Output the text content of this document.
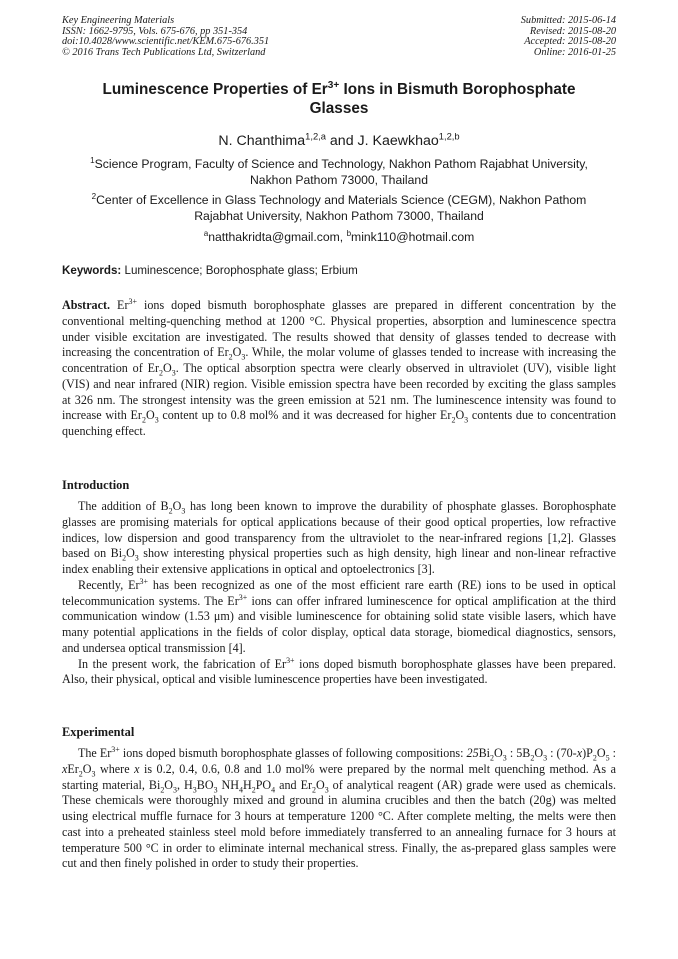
Key Engineering Materials
ISSN: 1662-9795, Vols. 675-676, pp 351-354
doi:10.4028/www.scientific.net/KEM.675-676.351
© 2016 Trans Tech Publications Ltd, Switzerland
Submitted: 2015-06-14
Revised: 2015-08-20
Accepted: 2015-08-20
Online: 2016-01-25
Luminescence Properties of $Er^{3+}$ Ions in Bismuth Borophosphate
Glasses
N. Chanthima$^{1,2,a}$ and J. Kaewkhao$^{1,2,b}$
$^1$Science Program, Faculty of Science and Technology, Nakhon Pathom Rajabhat University,
Nakhon Pathom 73000, Thailand
$^2$Center of Excellence in Glass Technology and Materials Science (CEGM), Nakhon Pathom
Rajabhat University, Nakhon Pathom 73000, Thailand
$^a$natthakridta@gmail.com, $^b$mink110@hotmail.com
Keywords: Luminescence; Borophosphate glass; Erbium

Abstract. $Er^{3+}$ ions doped bismuth borophosphate glasses are prepared in different concentration by the conventional melting-quenching method at 1200 °C. Physical properties, absorption and luminescence spectra under visible excitation are investigated. The results showed that density of glasses tended to decrease with increasing the concentration of $Er_2O_3$. While, the molar volume of glasses tended to increase with increasing the concentration of $Er_2O_3$. The optical absorption spectra were clearly observed in ultraviolet (UV), visible light (VIS) and near infrared (NIR) region. Visible emission spectra have been recorded by exciting the glass samples at 326 nm. The strongest intensity was the green emission at 521 nm. The luminescence intensity was found to increase with $Er_2O_3$ content up to 0.8 mol% and it was decreased for higher $Er_2O_3$ contents due to concentration quenching effect.

Introduction

The addition of $B_2O_3$ has long been known to improve the durability of phosphate glasses. Borophosphate glasses are promising materials for optical applications because of their good optical properties, low refractive indices, low dispersion and good transparency from the ultraviolet to the near-infrared regions [1,2]. Glasses based on $Bi_2O_3$ show interesting physical properties such as high density, high linear and non-linear refractive index enabling their extensive applications in optical and optoelectronics [3].

Recently, $Er^{3+}$ has been recognized as one of the most efficient rare earth (RE) ions to be used in optical telecommunication systems. The $Er^{3+}$ ions can offer infrared luminescence for optical amplification at the third communication window (1.53 μm) and visible luminescence for obtaining solid state visible lasers, which have many potential applications in the fields of color display, optical data storage, biomedical diagnostics, sensors, and undersea optical transmission [4].

In the present work, the fabrication of $Er^{3+}$ ions doped bismuth borophosphate glasses have been prepared. Also, their physical, optical and visible luminescence properties have been investigated.

Experimental

The $Er^{3+}$ ions doped bismuth borophosphate glasses of following compositions: $25Bi_2O_3$ : $5B_2O_3$ : $(70-x)P_2O_5$ : $xEr_2O_3$ where x is 0.2, 0.4, 0.6, 0.8 and 1.0 mol% were prepared by the normal melt quenching method. As a starting material, $Bi_2O_3$, $H_3BO_3$ $NH_4H_2PO_4$ and $Er_2O_3$ of analytical reagent (AR) grade were used as chemicals. These chemicals were thoroughly mixed and ground in alumina crucibles and then the batch (20g) was melted using electrical muffle furnace for 3 hours at temperature 1200 °C. After complete melting, the melts were then cast into a preheated stainless steel mold before immediately transferred to an annealing furnace for 3 hours at temperature 500 °C in order to eliminate internal mechanical stress. Finally, the as-prepared glass samples were cut and then finely polished in order to study their properties.
